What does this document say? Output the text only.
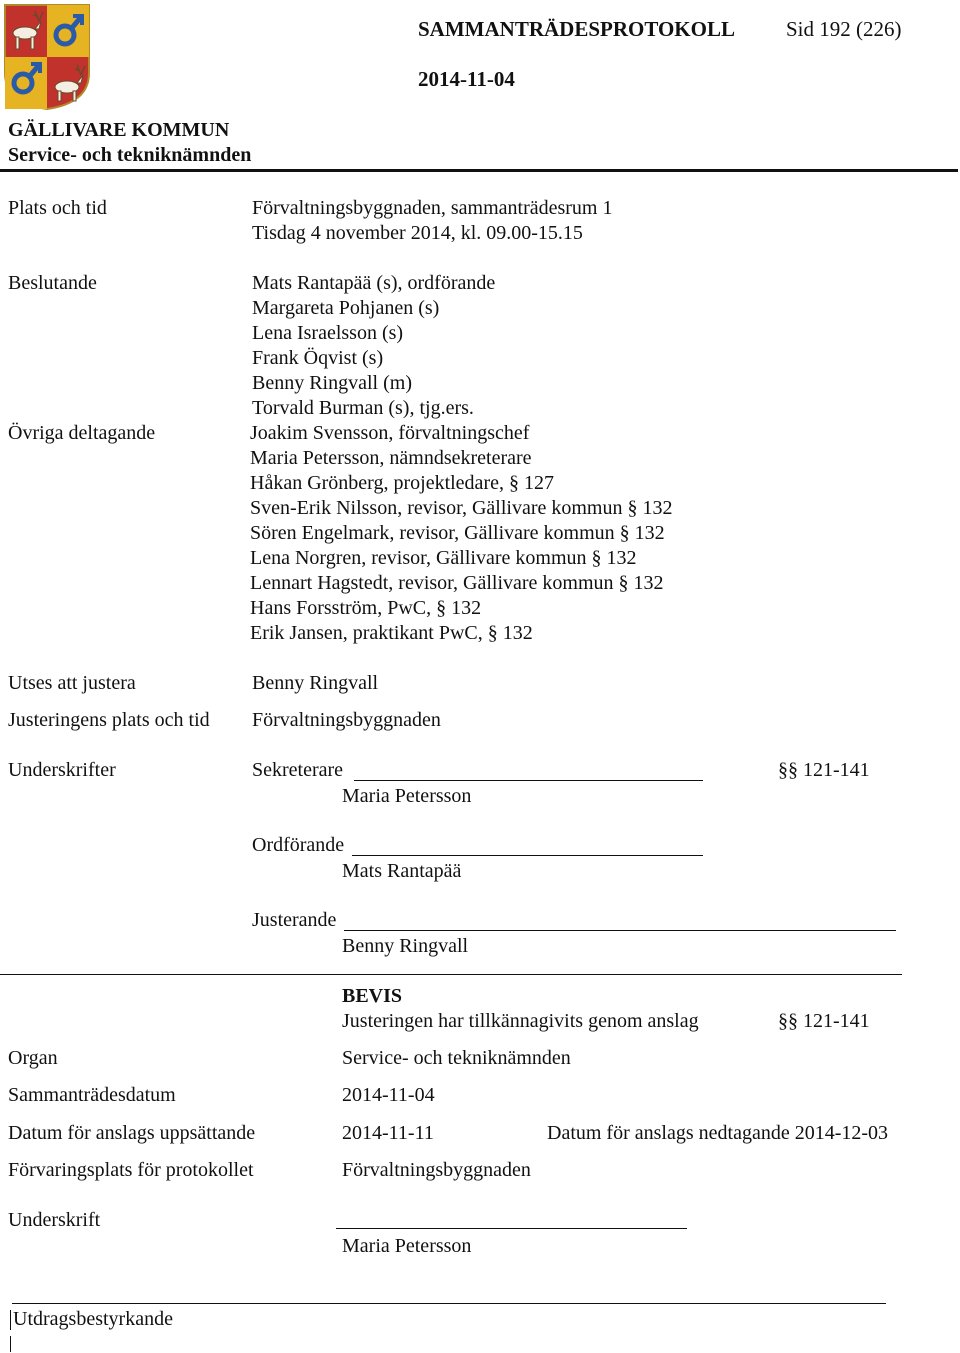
SAMMANTRÄDESPROTOKOLL Sid 192 (226)
2014-11-04
GÄLLIVARE KOMMUN
Service- och tekniknämnden
Plats och tid	Förvaltningsbyggnaden, sammanträdesrum 1
Tisdag 4 november 2014, kl. 09.00-15.15
Beslutande	Mats Rantapää (s), ordförande
Margareta Pohjanen (s)
Lena Israelsson (s)
Frank Öqvist (s)
Benny Ringvall (m)
Torvald Burman (s), tjg.ers.
Övriga deltagande	Joakim Svensson, förvaltningschef
Maria Petersson, nämndsekreterare
Håkan Grönberg, projektledare, § 127
Sven-Erik Nilsson, revisor, Gällivare kommun § 132
Sören Engelmark, revisor, Gällivare kommun § 132
Lena Norgren, revisor, Gällivare kommun § 132
Lennart Hagstedt, revisor, Gällivare kommun § 132
Hans Forsström, PwC, § 132
Erik Jansen, praktikant PwC, § 132
Utses att justera	Benny Ringvall
Justeringens plats och tid Förvaltningsbyggnaden
Underskrifter	Sekreterare	§§ 121-141
Maria Petersson
Ordförande
Mats Rantapää
Justerande
Benny Ringvall
BEVIS
Justeringen har tillkännagivits genom anslag	§§ 121-141
Organ	Service- och tekniknämnden
Sammanträdesdatum	2014-11-04
Datum för anslags uppsättande	2014-11-11	Datum för anslags nedtagande 2014-12-03
Förvaringsplats för protokollet	Förvaltningsbyggnaden
Underskrift
Maria Petersson
Utdragsbestyrkande
